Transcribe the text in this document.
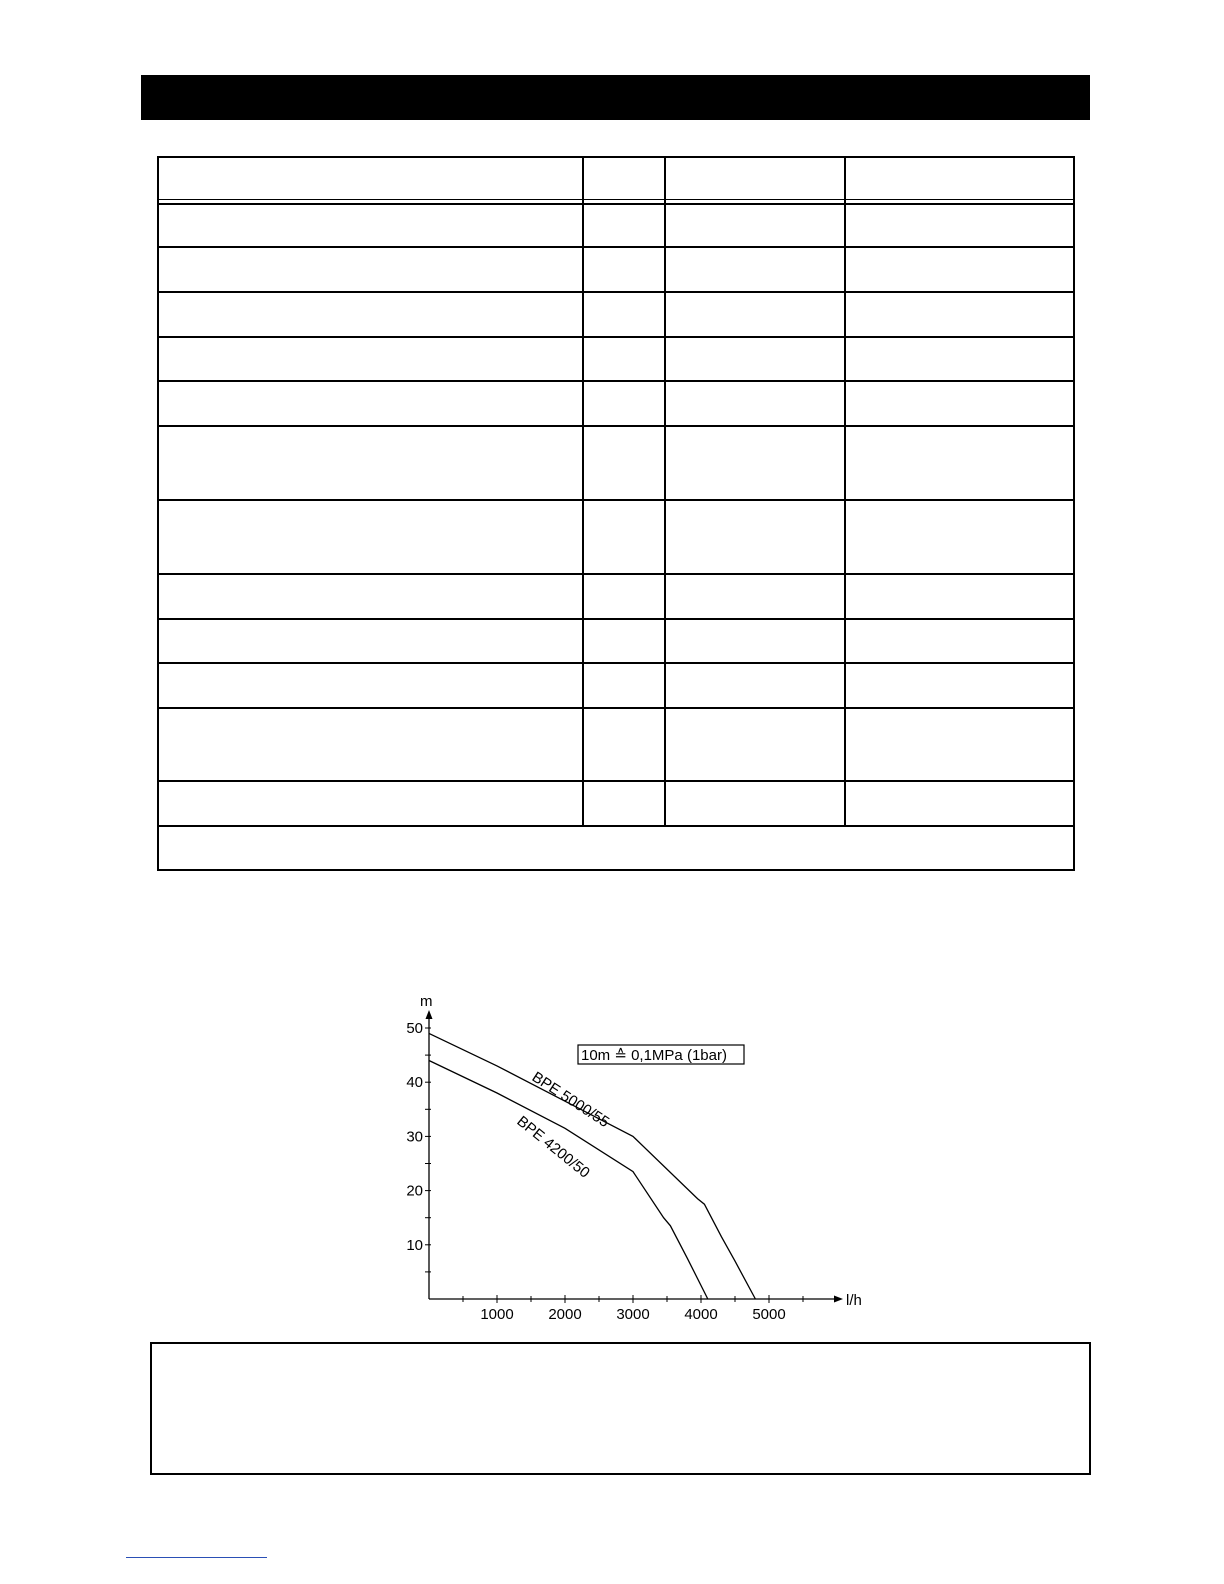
l/h
m
1000 2000 3000 4000 5000
10
20
30
40
50
BPE 5000/55
BPE 4200/50
10m ≙ 0,1MPa (1bar)
